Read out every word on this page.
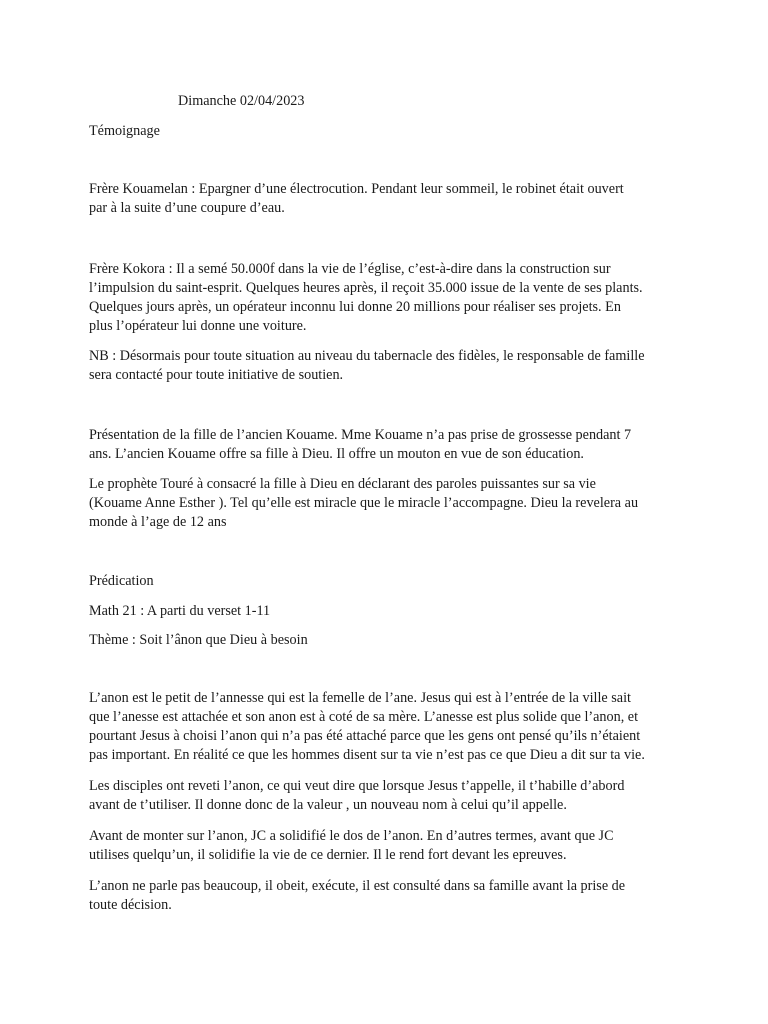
Dimanche 02/04/2023

Témoignage

Frère Kouamelan : Epargner d’une électrocution. Pendant leur sommeil, le robinet était ouvert
par à la suite d’une coupure d’eau.

Frère Kokora : Il a semé 50.000f dans la vie de l’église, c’est-à-dire dans la construction sur
l’impulsion du saint-esprit. Quelques heures après, il reçoit 35.000 issue de la vente de ses plants.
Quelques jours après, un opérateur inconnu lui donne 20 millions pour réaliser ses projets. En
plus l’opérateur lui donne une voiture.

NB : Désormais pour toute situation au niveau du tabernacle des fidèles, le responsable de famille
sera contacté pour toute initiative de soutien.

Présentation de la fille de l’ancien Kouame. Mme Kouame n’a pas prise de grossesse pendant 7
ans. L’ancien Kouame offre sa fille à Dieu. Il offre un mouton en vue de son éducation.

Le prophète Touré à consacré la fille à Dieu en déclarant des paroles puissantes sur sa vie
(Kouame Anne Esther ). Tel qu’elle est miracle que le miracle l’accompagne. Dieu la revelera au
monde à l’age de 12 ans

Prédication

Math 21 : A parti du verset 1-11

Thème : Soit l’ânon que Dieu à besoin

L’anon est le petit de l’annesse qui est la femelle de l’ane. Jesus qui est à l’entrée de la ville sait
que l’anesse est attachée et son anon est à coté de sa mère. L’anesse est plus solide que l’anon, et
pourtant Jesus à choisi l’anon qui n’a pas été attaché parce que les gens ont pensé qu’ils n’étaient
pas important. En réalité ce que les hommes disent sur ta vie n’est pas ce que Dieu a dit sur ta vie.

Les disciples ont reveti l’anon, ce qui veut dire que lorsque Jesus t’appelle, il t’habille d’abord
avant de t’utiliser. Il donne donc de la valeur , un nouveau nom à celui qu’il appelle.

Avant de monter sur l’anon, JC a solidifié le dos de l’anon. En d’autres termes, avant que JC
utilises quelqu’un, il solidifie la vie de ce dernier. Il le rend fort devant les epreuves.

L’anon ne parle pas beaucoup, il obeit, exécute, il est consulté dans sa famille avant la prise de
toute décision.
